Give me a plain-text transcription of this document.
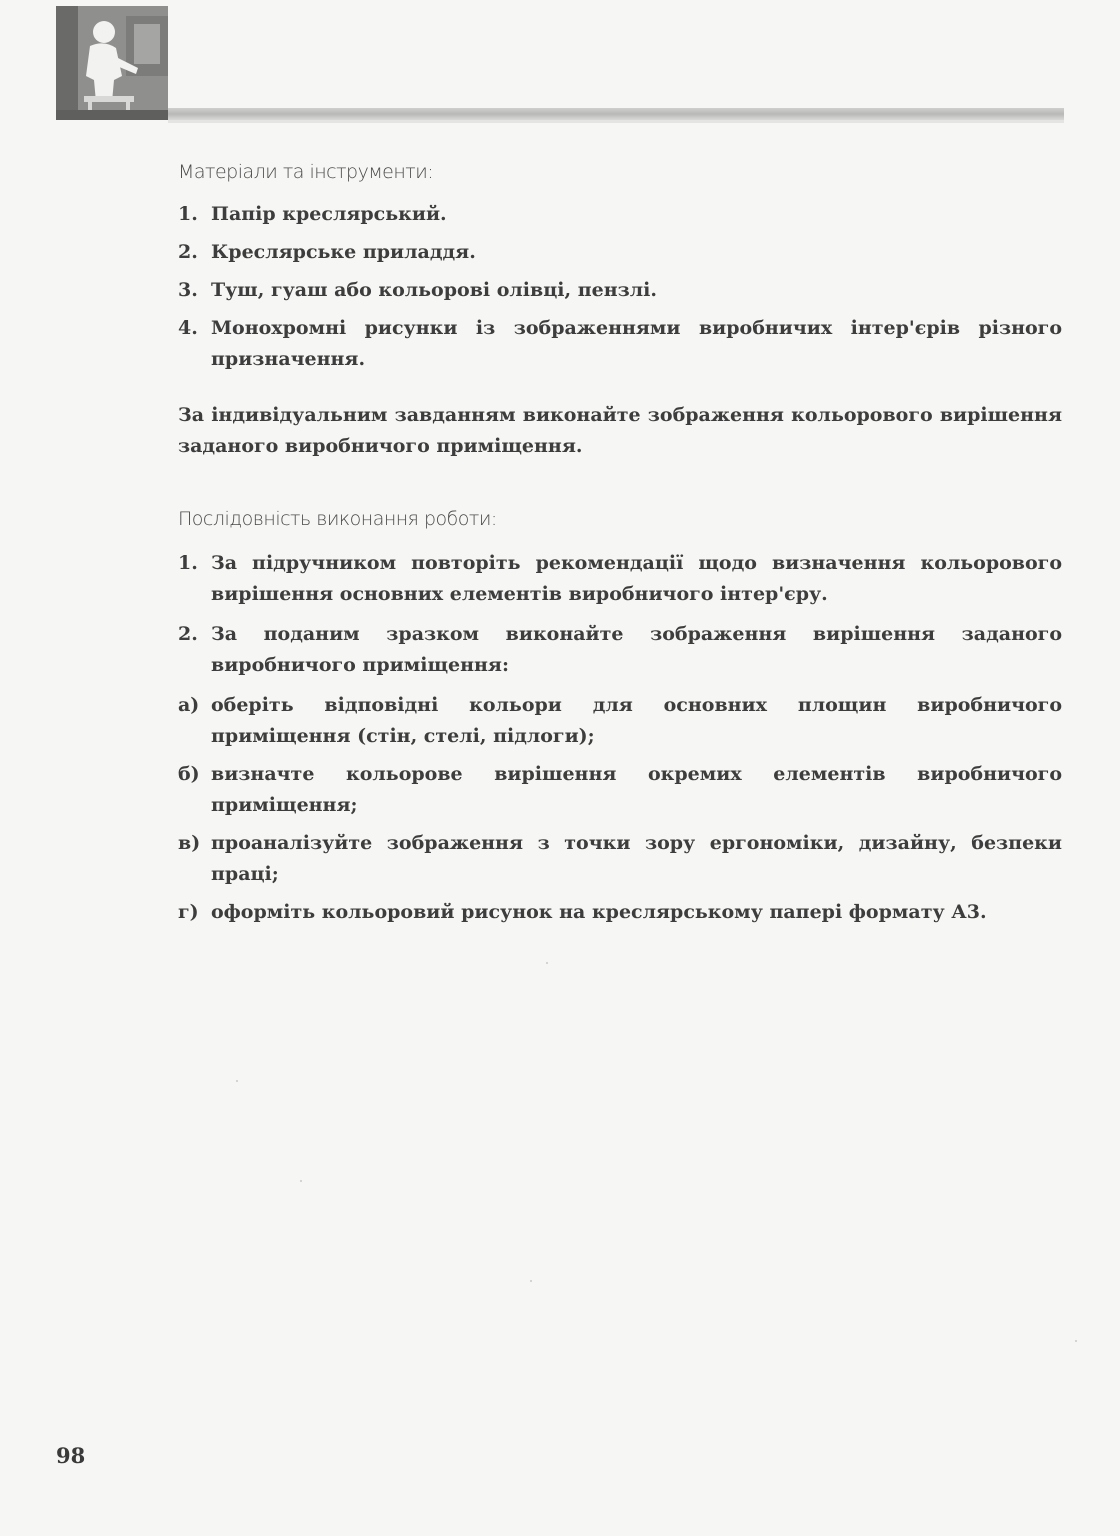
Матеріали та інструменти:
1. Папір креслярський.
2. Креслярське приладдя.
3. Туш, гуаш або кольорові олівці, пензлі.
4. Монохромні рисунки із зображеннями виробничих інтер'єрів різного призначення.

За індивідуальним завданням виконайте зображення кольорового вирішення заданого виробничого приміщення.

Послідовність виконання роботи:
1. За підручником повторіть рекомендації щодо визначення кольорового вирішення основних елементів виробничого інтер'єру.
2. За поданим зразком виконайте зображення вирішення заданого виробничого приміщення:
а) оберіть відповідні кольори для основних площин виробничого приміщення (стін, стелі, підлоги);
б) визначте кольорове вирішення окремих елементів виробничого приміщення;
в) проаналізуйте зображення з точки зору ергономіки, дизайну, безпеки праці;
г) оформіть кольоровий рисунок на креслярському папері формату А3.
98
